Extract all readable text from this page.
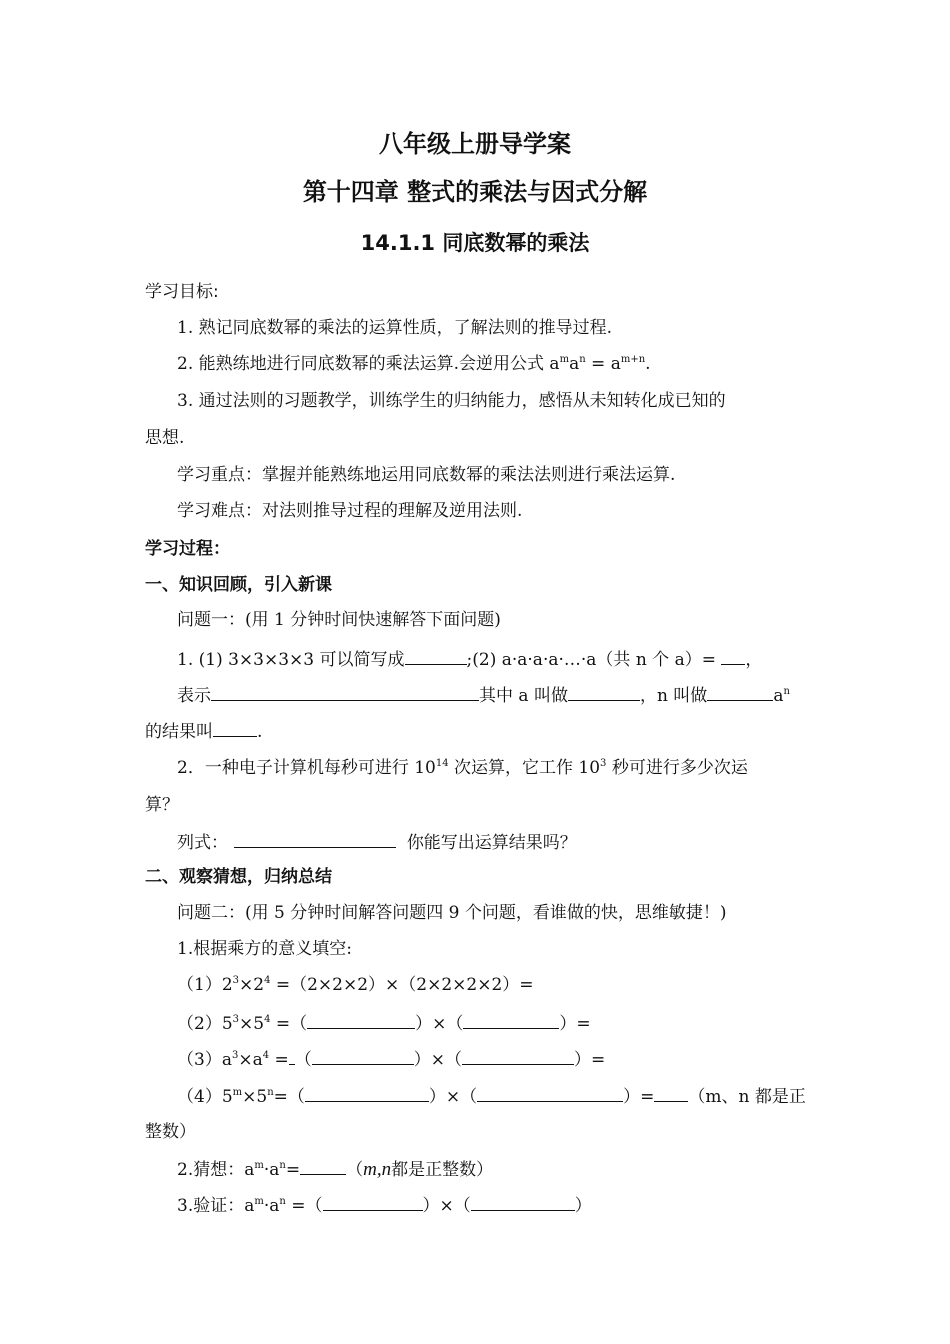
八年级上册导学案
第十四章 整式的乘法与因式分解
14.1.1 同底数幂的乘法
学习目标:
1. 熟记同底数幂的乘法的运算性质，了解法则的推导过程.
2. 能熟练地进行同底数幂的乘法运算.会逆用公式 $a^ma^n = a^{m+n}$.
3. 通过法则的习题教学，训练学生的归纳能力，感悟从未知转化成已知的
思想.
学习重点：掌握并能熟练地运用同底数幂的乘法法则进行乘法运算.
学习难点：对法则推导过程的理解及逆用法则.
学习过程：
一、知识回顾，引入新课
问题一：(用 1 分钟时间快速解答下面问题)
1. (1) 3×3×3×3 可以简写成	;(2) a·a·a·a·…·a（共 n 个 a）= ，
表示	其中 a 叫做	，n 叫做	$a^n$
的结果叫	.
2．一种电子计算机每秒可进行 $10^{14}$ 次运算，它工作 $10^3$ 秒可进行多少次运
算？
列式：	你能写出运算结果吗？
二、观察猜想，归纳总结
问题二：(用 5 分钟时间解答问题四 9 个问题，看谁做的快，思维敏捷！)
1.根据乘方的意义填空:
$(1)2^3\times 2^4 =(2\times 2\times 2)\times(2\times 2\times 2\times 2)=$
$(2)5^3\times 5^4$ =（	）×（	）=
$(3)a^3\times a^4$ = （	）×（	）=
$(4)5^m\times 5^n=$（	）×（	）= （m、n 都是正
整数）
2.猜想：$a^m\cdot a^n=$	（m,n都是正整数）
3.验证：$a^m\cdot a^n$ =（	）×（	）
